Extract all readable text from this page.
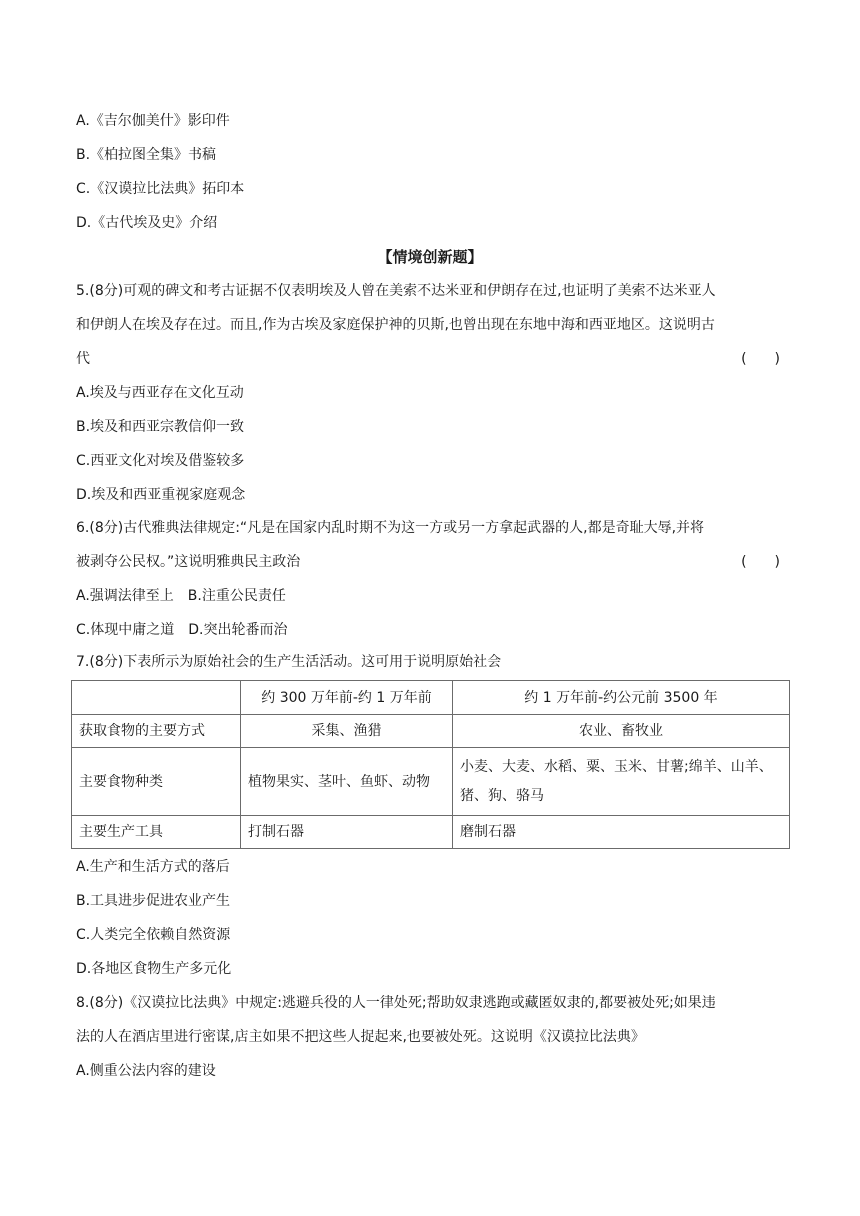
A.《吉尔伽美什》影印件
B.《柏拉图全集》书稿
C.《汉谟拉比法典》拓印本
D.《古代埃及史》介绍
【情境创新题】
5.(8分)可观的碑文和考古证据不仅表明埃及人曾在美索不达米亚和伊朗存在过,也证明了美索不达米亚人
和伊朗人在埃及存在过。而且,作为古埃及家庭保护神的贝斯,也曾出现在东地中海和西亚地区。这说明古
代	(　　)
A.埃及与西亚存在文化互动
B.埃及和西亚宗教信仰一致
C.西亚文化对埃及借鉴较多
D.埃及和西亚重视家庭观念
6.(8分)古代雅典法律规定:“凡是在国家内乱时期不为这一方或另一方拿起武器的人,都是奇耻大辱,并将
被剥夺公民权。”这说明雅典民主政治	(　　)
A.强调法律至上　B.注重公民责任
C.体现中庸之道　D.突出轮番而治
7.(8分)下表所示为原始社会的生产生活活动。这可用于说明原始社会
	约 300 万年前-约 1 万年前	约 1 万年前-约公元前 3500 年
获取食物的主要方式	采集、渔猎	农业、畜牧业
主要食物种类	植物果实、茎叶、鱼虾、动物	小麦、大麦、水稻、粟、玉米、甘薯;绵羊、山羊、猪、狗、骆马
主要生产工具	打制石器	磨制石器
A.生产和生活方式的落后
B.工具进步促进农业产生
C.人类完全依赖自然资源
D.各地区食物生产多元化
8.(8分)《汉谟拉比法典》中规定:逃避兵役的人一律处死;帮助奴隶逃跑或藏匿奴隶的,都要被处死;如果违
法的人在酒店里进行密谋,店主如果不把这些人捉起来,也要被处死。这说明《汉谟拉比法典》
A.侧重公法内容的建设
